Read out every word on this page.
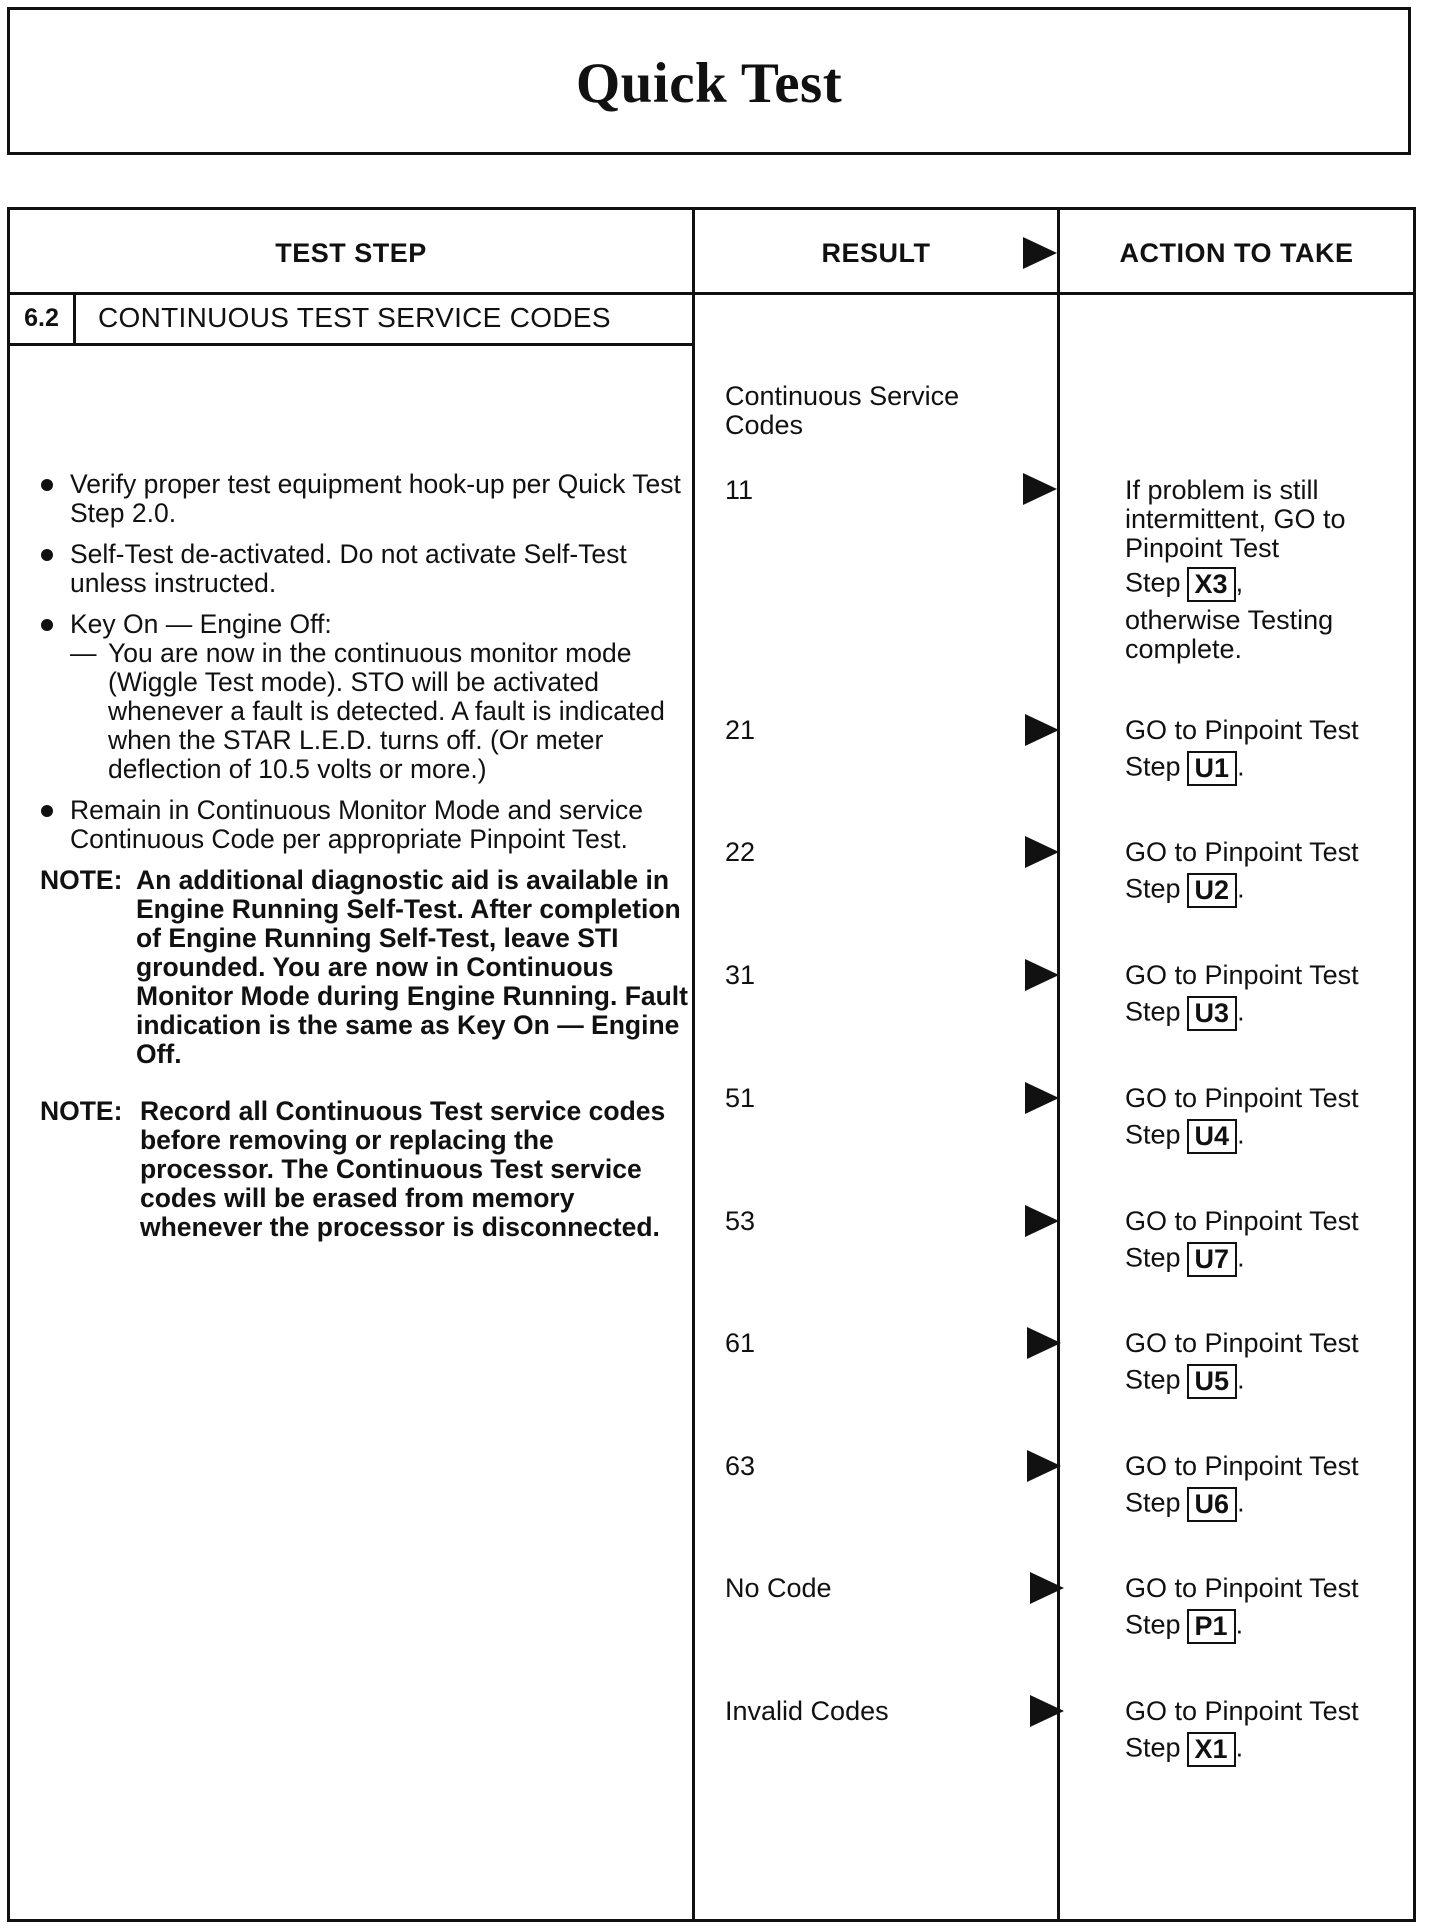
Quick Test
TEST STEP	RESULT	ACTION TO TAKE
6.2	CONTINUOUS TEST SERVICE CODES
Verify proper test equipment hook-up per Quick Test Step 2.0.
Self-Test de-activated. Do not activate Self-Test unless instructed.
Key On — Engine Off:
— You are now in the continuous monitor mode (Wiggle Test mode). STO will be activated whenever a fault is detected. A fault is indicated when the STAR L.E.D. turns off. (Or meter deflection of 10.5 volts or more.)
Remain in Continuous Monitor Mode and service Continuous Code per appropriate Pinpoint Test.
NOTE: An additional diagnostic aid is available in Engine Running Self-Test. After completion of Engine Running Self-Test, leave STI grounded. You are now in Continuous Monitor Mode during Engine Running. Fault indication is the same as Key On — Engine Off.
NOTE: Record all Continuous Test service codes before removing or replacing the processor. The Continuous Test service codes will be erased from memory whenever the processor is disconnected.
Continuous Service Codes
11	If problem is still intermittent, GO to Pinpoint Test
Step X3 ,
otherwise Testing complete.
21	GO to Pinpoint Test
Step U1 .
22	GO to Pinpoint Test
Step U2 .
31	GO to Pinpoint Test
Step U3 .
51	GO to Pinpoint Test
Step U4 .
53	GO to Pinpoint Test
Step U7 .
61	GO to Pinpoint Test
Step U5 .
63	GO to Pinpoint Test
Step U6 .
No Code	GO to Pinpoint Test
Step P1 .
Invalid Codes	GO to Pinpoint Test
Step X1 .
